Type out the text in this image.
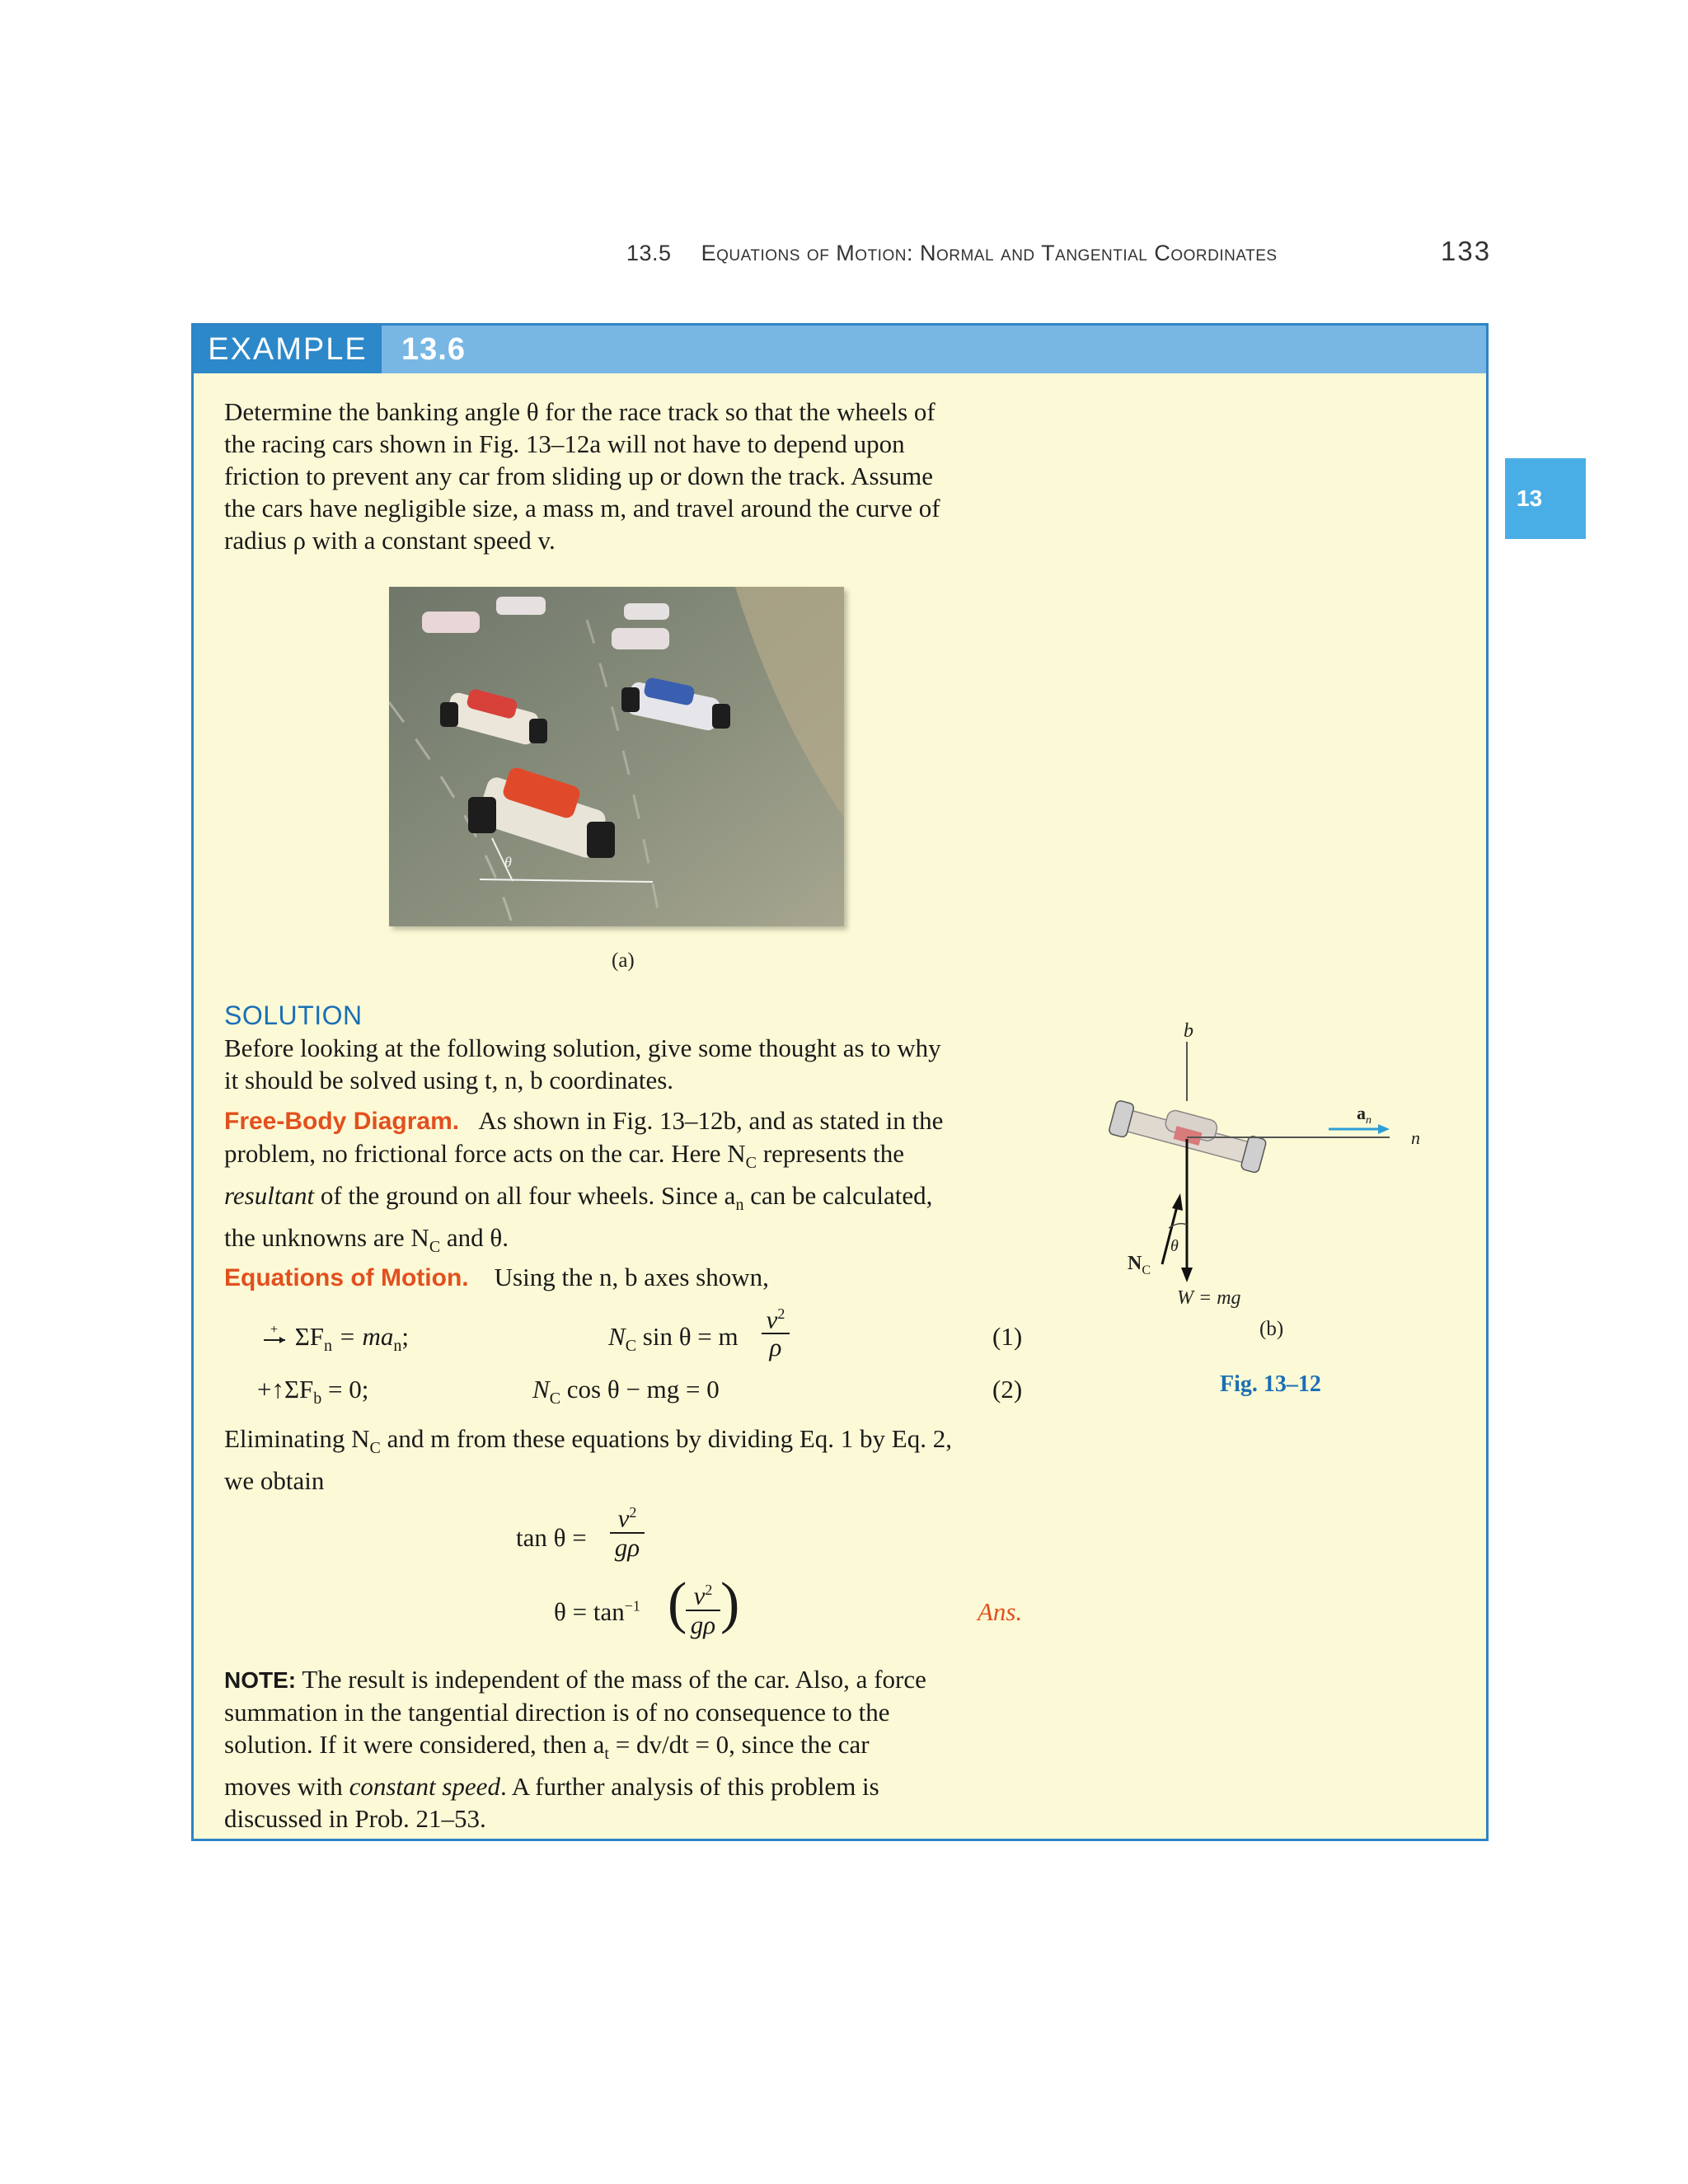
13.5 Equations of Motion: Normal and Tangential Coordinates	133
13
EXAMPLE	13.6
Determine the banking angle θ for the race track so that the wheels of
the racing cars shown in Fig. 13–12a will not have to depend upon
friction to prevent any car from sliding up or down the track. Assume
the cars have negligible size, a mass m, and travel around the curve of
radius ρ with a constant speed v.
θ
(a)
SOLUTION
Before looking at the following solution, give some thought as to why
it should be solved using t, n, b coordinates.
Free-Body Diagram. As shown in Fig. 13–12b, and as stated in the
problem, no frictional force acts on the car. Here $N_C$ represents the
resultant of the ground on all four wheels. Since $a_n$ can be calculated,
the unknowns are $N_C$ and θ.
Equations of Motion. Using the n, b axes shown,
+ $\Sigma F_n = ma_n$;	$N_C$ sin θ = m
$v^2$
ρ	(1)
$+↑\Sigma F_b = 0$;	$N_C$ cos θ − mg = 0	(2)
Eliminating $N_C$ and m from these equations by dividing Eq. 1 by Eq. 2,
we obtain
tan θ =
$v^2$
gρ
$\theta = \tan^{-1}$ ( $v^2$
gρ )	Ans.
NOTE: The result is independent of the mass of the car. Also, a force
summation in the tangential direction is of no consequence to the
solution. If it were considered, then $a_t = dv/dt = 0$, since the car
moves with constant speed. A further analysis of this problem is
discussed in Prob. 21–53.
b
n
$a_n$
θ
$N_C$
W = mg
(b)
Fig. 13–12
